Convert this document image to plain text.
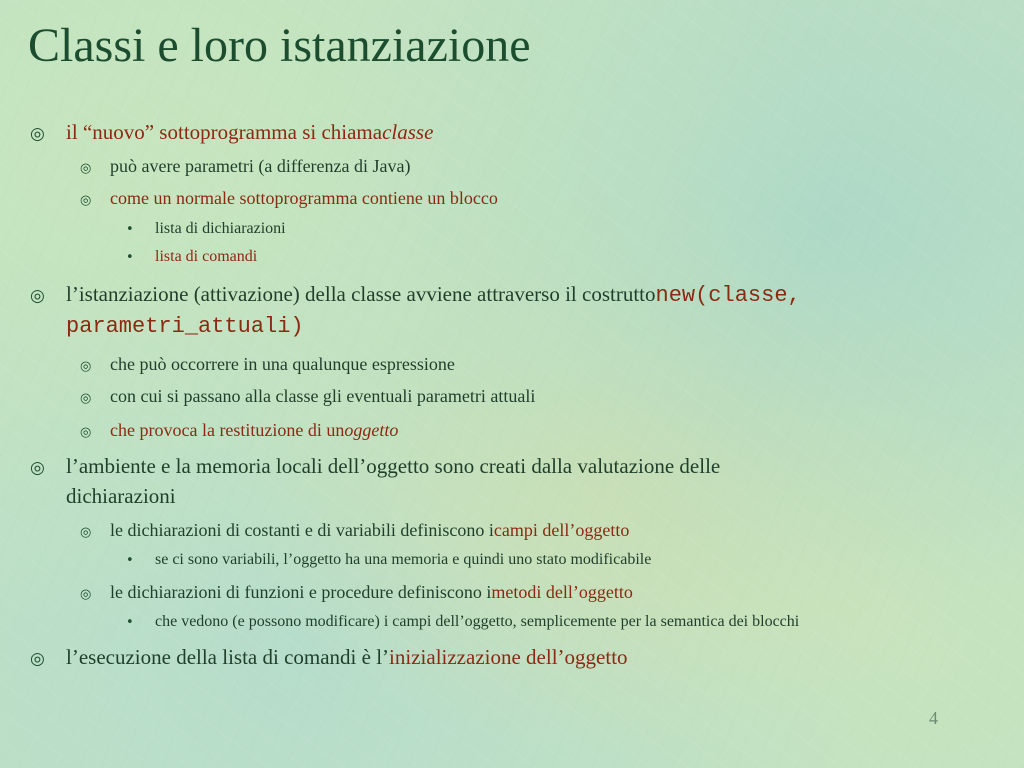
Classi e loro istanziazione
◎	il “nuovo” sottoprogramma si chiama classe
◎	può avere parametri (a differenza di Java)
◎	come un normale sottoprogramma contiene un blocco
•	lista di dichiarazioni
•	lista di comandi
◎	l’istanziazione (attivazione) della classe avviene attraverso il costrutto new(classe,
parametri_attuali)
◎	che può occorrere in una qualunque espressione
◎	con cui si passano alla classe gli eventuali parametri attuali
◎	che provoca la restituzione di un oggetto
◎	l’ambiente e la memoria locali dell’oggetto sono creati dalla valutazione delle
dichiarazioni
◎	le dichiarazioni di costanti e di variabili definiscono i campi dell’oggetto
•	se ci sono variabili, l’oggetto ha una memoria e quindi uno stato modificabile
◎	le dichiarazioni di funzioni e procedure definiscono i metodi dell’oggetto
•	che vedono (e possono modificare) i campi dell’oggetto, semplicemente per la semantica dei blocchi
◎	l’esecuzione della lista di comandi è l’ inizializzazione dell’oggetto
4
